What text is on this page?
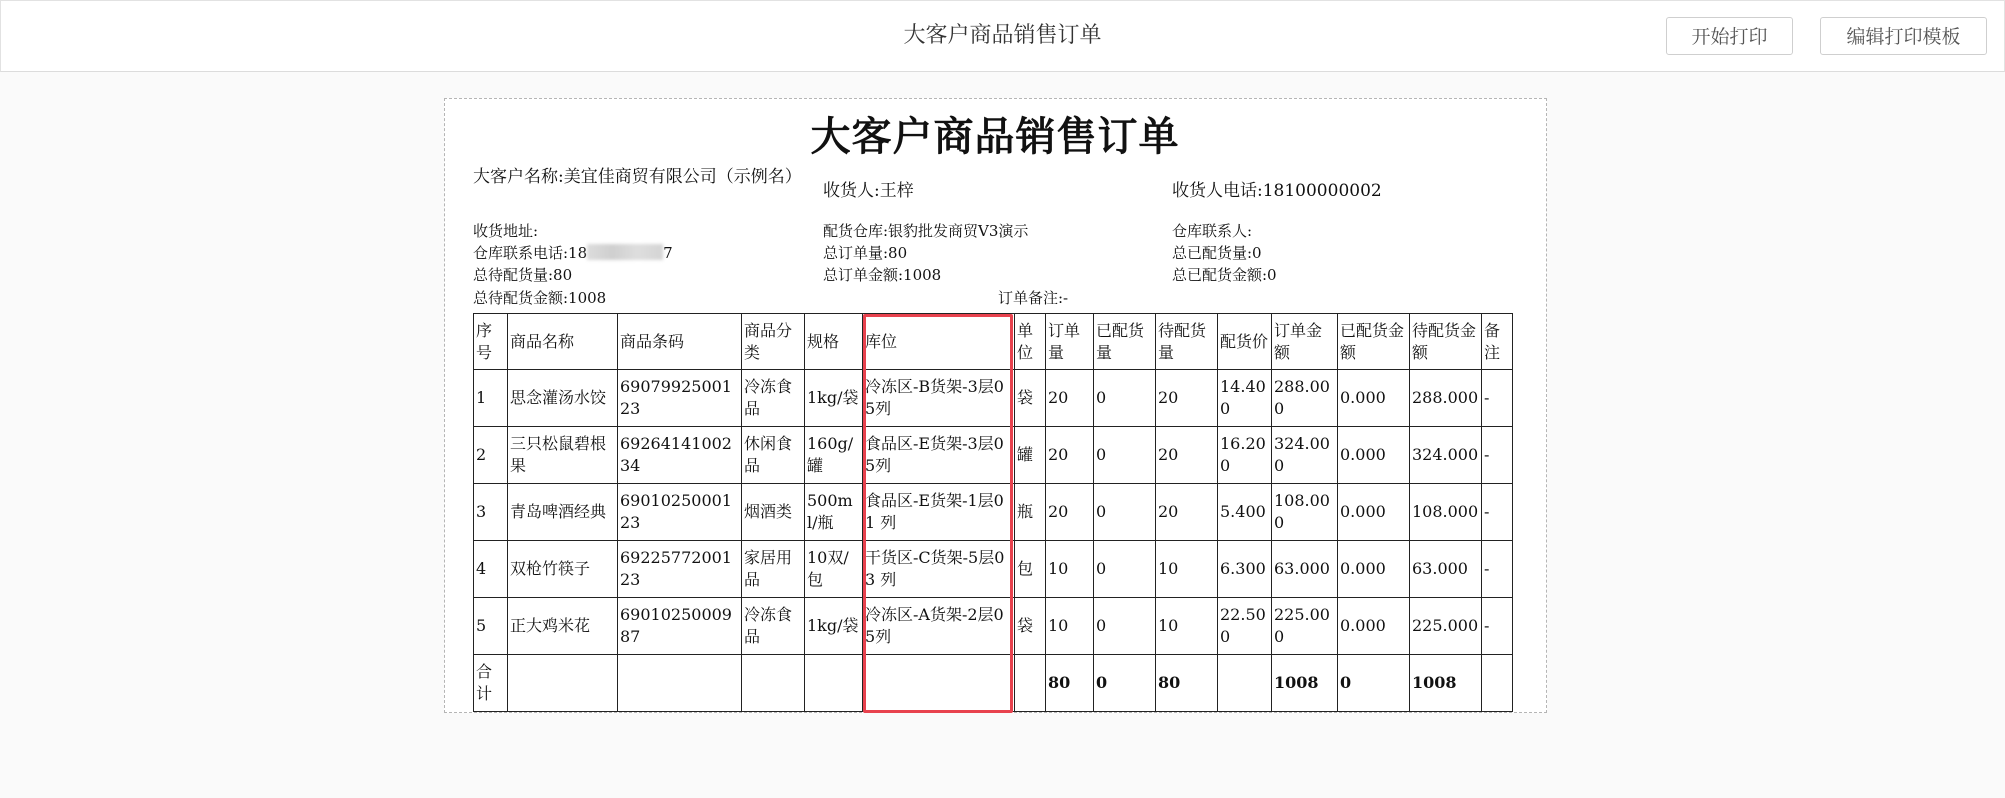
大客户商品销售订单	开始打印	编辑打印模板
大客户商品销售订单
大客户名称:美宜佳商贸有限公司（示例名）
收货人:王梓	收货人电话:18100000002
收货地址:	配货仓库:银豹批发商贸V3演示	仓库联系人:
仓库联系电话:18	7	总订单量:80	总已配货量:0
总待配货量:80	总订单金额:1008	总已配货金额:0
总待配货金额:1008	订单备注:-
序号	商品名称	商品条码	商品分类	规格	库位	单位	订单量	已配货量	待配货量	配货价	订单金额	已配货金额	待配货金额	备注
1	思念灌汤水饺	6907992500123	冷冻食品	1kg/袋	冷冻区-B货架-3层05列	袋	20	0	20	14.400	288.000	0.000	288.000	-
2	三只松鼠碧根果	6926414100234	休闲食品	160g/罐	食品区-E货架-3层05列	罐	20	0	20	16.200	324.000	0.000	324.000	-
3	青岛啤酒经典	6901025000123	烟酒类	500ml/瓶	食品区-E货架-1层01 列	瓶	20	0	20	5.400	108.000	0.000	108.000	-
4	双枪竹筷子	6922577200123	家居用品	10双/包	干货区-C货架-5层03 列	包	10	0	10	6.300	63.000	0.000	63.000	-
5	正大鸡米花	6901025000987	冷冻食品	1kg/袋	冷冻区-A货架-2层05列	袋	10	0	10	22.500	225.000	0.000	225.000	-
合计							80	0	80		1008	0	1008	
